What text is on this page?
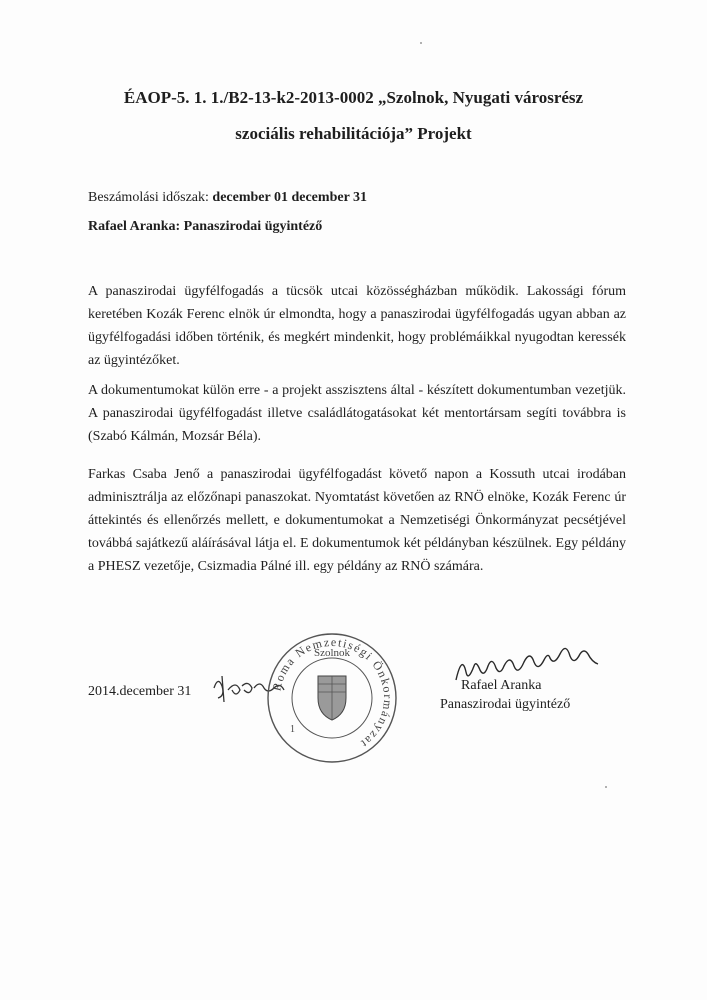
ÉAOP-5. 1. 1./B2-13-k2-2013-0002 „Szolnok, Nyugati városrész
szociális rehabilitációja” Projekt
Beszámolási időszak: december 01 december 31
Rafael Aranka: Panaszirodai ügyintéző
A panaszirodai ügyfélfogadás a tücsök utcai közösségházban működik. Lakossági fórum keretében Kozák Ferenc elnök úr elmondta, hogy a panaszirodai ügyfélfogadás ugyan abban az ügyfélfogadási időben történik, és megkért mindenkit, hogy problémáikkal nyugodtan keressék az ügyintézőket.
A dokumentumokat külön erre - a projekt asszisztens által - készített dokumentumban vezetjük. A panaszirodai ügyfélfogadást illetve családlátogatásokat két mentortársam segíti továbbra is (Szabó Kálmán, Mozsár Béla).
Farkas Csaba Jenő a panaszirodai ügyfélfogadást követő napon a Kossuth utcai irodában adminisztrálja az előzőnapi panaszokat. Nyomtatást követően az RNÖ elnöke, Kozák Ferenc úr áttekintés és ellenőrzés mellett, e dokumentumokat a Nemzetiségi Önkormányzat pecsétjével továbbá sajátkezű aláírásával látja el. E dokumentumok két példányban készülnek. Egy példány a PHESZ vezetője, Csizmadia Pálné ill. egy példány az RNÖ számára.
2014.december 31	Roma Nemzetiségi Önkormányzat
Szolnok
1
Rafael Aranka
Panaszirodai ügyintéző
